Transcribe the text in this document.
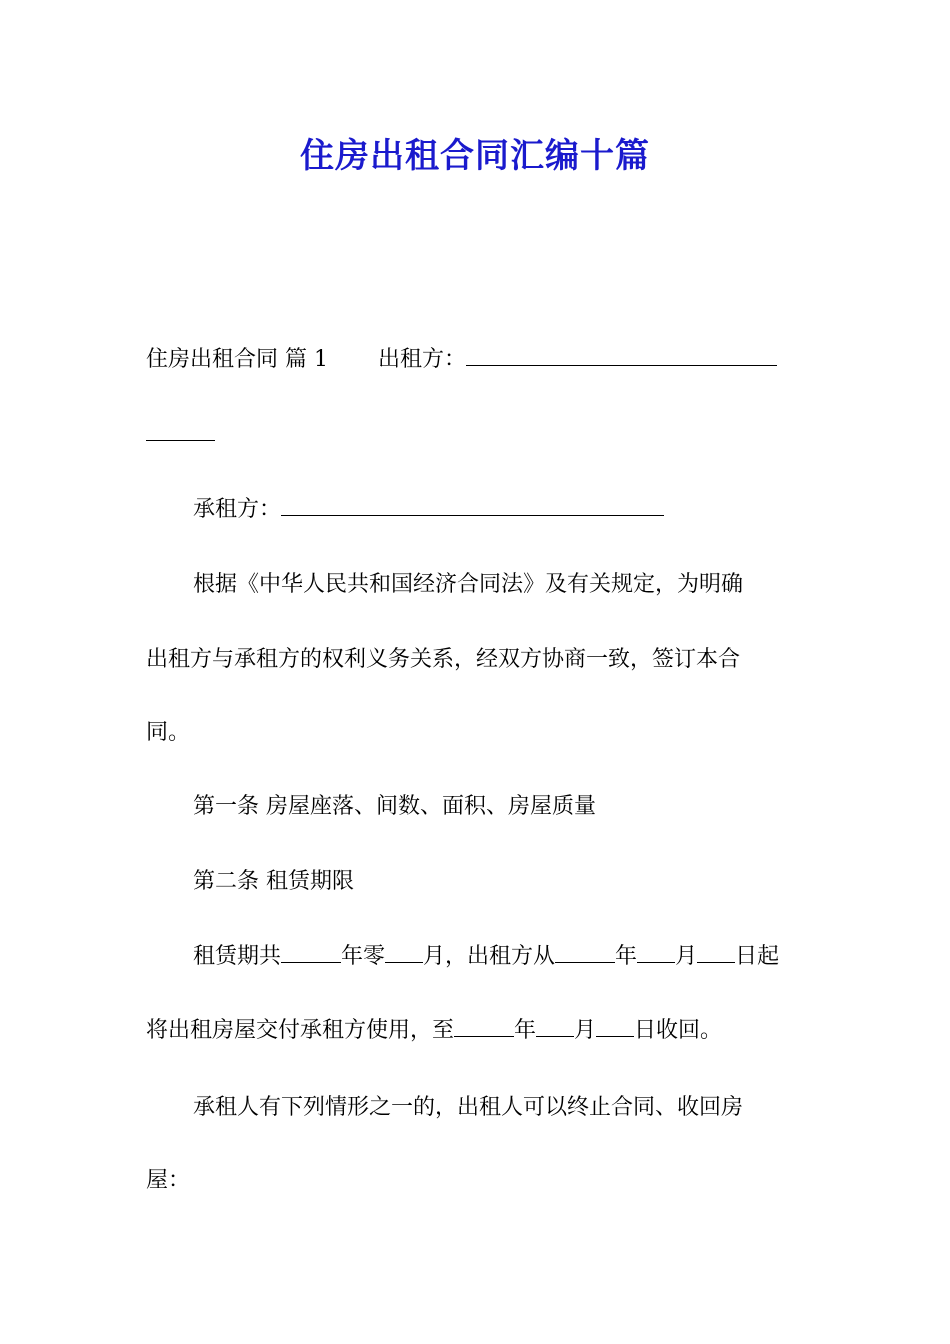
住房出租合同汇编十篇
住房出租合同 篇 1 出租方：
承租方：
根据《中华人民共和国经济合同法》及有关规定，为明确
出租方与承租方的权利义务关系，经双方协商一致，签订本合
同。
第一条 房屋座落、间数、面积、房屋质量
第二条 租赁期限
租赁期共	年零 月，出租方从	年 月 日起
将出租房屋交付承租方使用，至	年 月 日收回。
承租人有下列情形之一的，出租人可以终止合同、收回房
屋：
